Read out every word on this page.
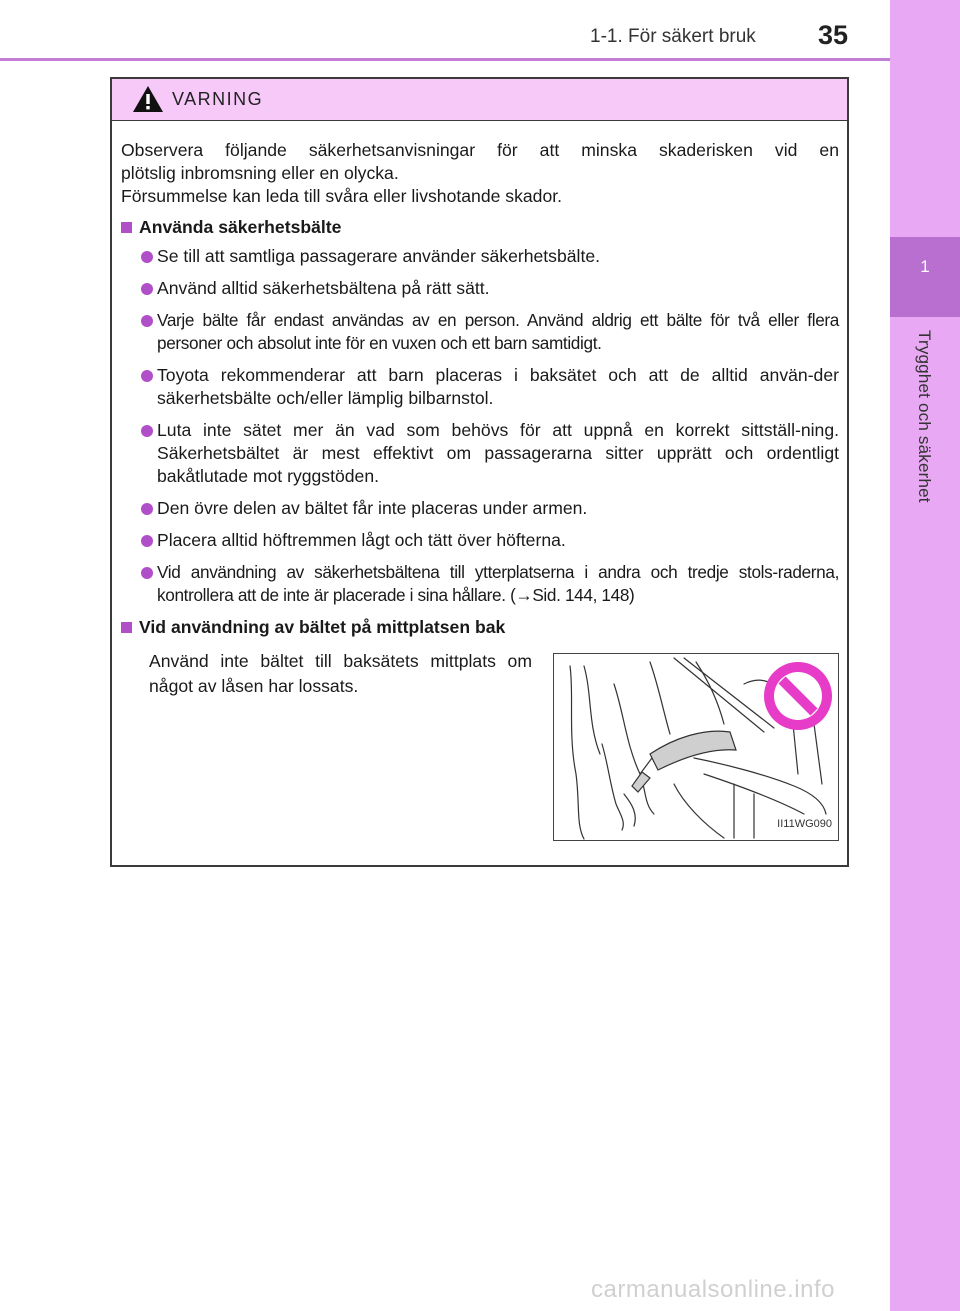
1-1. För säkert bruk	35
1
Trygghet och säkerhet
VARNING

Observera följande säkerhetsanvisningar för att minska skaderisken vid en
plötslig inbromsning eller en olycka.
Försummelse kan leda till svåra eller livshotande skador.

Använda säkerhetsbälte
Se till att samtliga passagerare använder säkerhetsbälte.
Använd alltid säkerhetsbältena på rätt sätt.
Varje bälte får endast användas av en person. Använd aldrig ett bälte för två eller flera personer och absolut inte för en vuxen och ett barn samtidigt.
Toyota rekommenderar att barn placeras i baksätet och att de alltid använ-der säkerhetsbälte och/eller lämplig bilbarnstol.
Luta inte sätet mer än vad som behövs för att uppnå en korrekt sittställ-ning. Säkerhetsbältet är mest effektivt om passagerarna sitter upprätt och ordentligt bakåtlutade mot ryggstöden.
Den övre delen av bältet får inte placeras under armen.
Placera alltid höftremmen lågt och tätt över höfterna.
Vid användning av säkerhetsbältena till ytterplatserna i andra och tredje stols-raderna, kontrollera att de inte är placerade i sina hållare. (→Sid. 144, 148)
Vid användning av bältet på mittplatsen bak

Använd inte bältet till baksätets mittplats om något av låsen har lossats.

II11WG090
carmanualsonline.info
